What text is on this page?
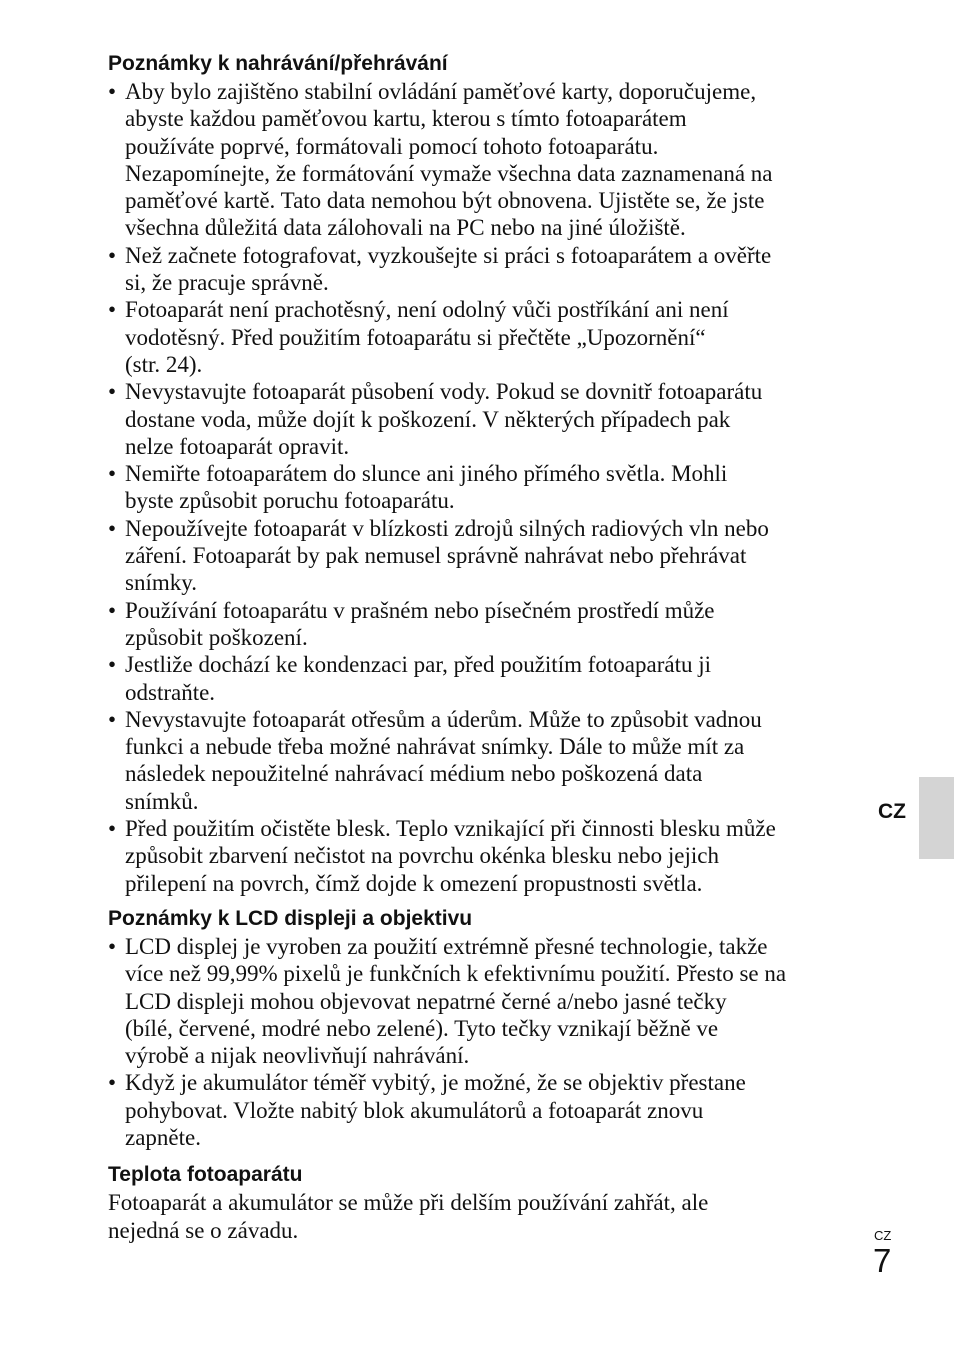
CZ
Poznámky k nahrávání/přehrávání
• Aby bylo zajištěno stabilní ovládání paměťové karty, doporučujeme,
abyste každou paměťovou kartu, kterou s tímto fotoaparátem
používáte poprvé, formátovali pomocí tohoto fotoaparátu.
Nezapomínejte, že formátování vymaže všechna data zaznamenaná na
paměťové kartě. Tato data nemohou být obnovena. Ujistěte se, že jste
všechna důležitá data zálohovali na PC nebo na jiné úložiště.
• Než začnete fotografovat, vyzkoušejte si práci s fotoaparátem a ověřte
si, že pracuje správně.
• Fotoaparát není prachotěsný, není odolný vůči postříkání ani není
vodotěsný. Před použitím fotoaparátu si přečtěte „Upozornění“
(str. 24).
• Nevystavujte fotoaparát působení vody. Pokud se dovnitř fotoaparátu
dostane voda, může dojít k poškození. V některých případech pak
nelze fotoaparát opravit.
• Nemiřte fotoaparátem do slunce ani jiného přímého světla. Mohli
byste způsobit poruchu fotoaparátu.
• Nepoužívejte fotoaparát v blízkosti zdrojů silných radiových vln nebo
záření. Fotoaparát by pak nemusel správně nahrávat nebo přehrávat
snímky.
• Používání fotoaparátu v prašném nebo písečném prostředí může
způsobit poškození.
• Jestliže dochází ke kondenzaci par, před použitím fotoaparátu ji
odstraňte.
• Nevystavujte fotoaparát otřesům a úderům. Může to způsobit vadnou
funkci a nebude třeba možné nahrávat snímky. Dále to může mít za
následek nepoužitelné nahrávací médium nebo poškozená data
snímků.
• Před použitím očistěte blesk. Teplo vznikající při činnosti blesku může
způsobit zbarvení nečistot na povrchu okénka blesku nebo jejich
přilepení na povrch, čímž dojde k omezení propustnosti světla.
Poznámky k LCD displeji a objektivu
• LCD displej je vyroben za použití extrémně přesné technologie, takže
více než 99,99% pixelů je funkčních k efektivnímu použití. Přesto se na
LCD displeji mohou objevovat nepatrné černé a/nebo jasné tečky
(bílé, červené, modré nebo zelené). Tyto tečky vznikají běžně ve
výrobě a nijak neovlivňují nahrávání.
• Když je akumulátor téměř vybitý, je možné, že se objektiv přestane
pohybovat. Vložte nabitý blok akumulátorů a fotoaparát znovu
zapněte.
Teplota fotoaparátu

Fotoaparát a akumulátor se může při delším používání zahřát, ale
nejedná se o závadu.	CZ
7
